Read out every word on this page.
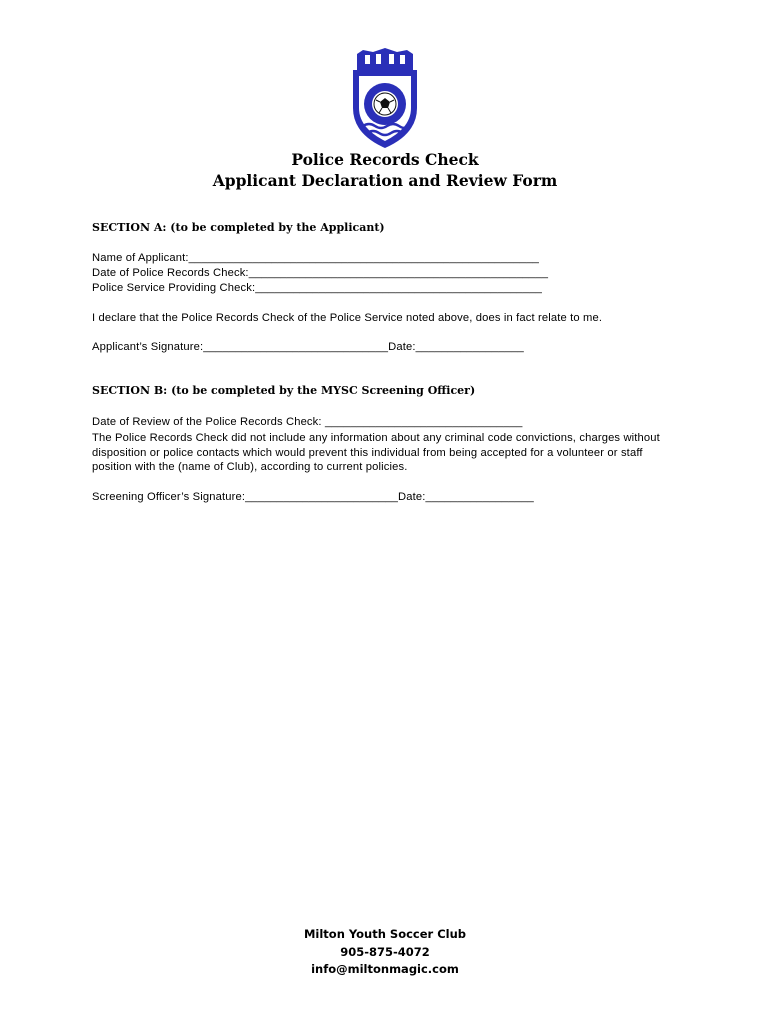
Police Records Check
Applicant Declaration and Review Form
SECTION A: (to be completed by the Applicant)
Name of Applicant:_______________________________________________________
Date of Police Records Check:_______________________________________________
Police Service Providing Check:_____________________________________________
I declare that the Police Records Check of the Police Service noted above, does in fact relate to me.
Applicant’s Signature:_____________________________Date:_________________
SECTION B: (to be completed by the MYSC Screening Officer)
Date of Review of the Police Records Check: _______________________________
The Police Records Check did not include any information about any criminal code convictions, charges without disposition or police contacts which would prevent this individual from being accepted for a volunteer or staff position with the (name of Club), according to current policies.
Screening Officer’s Signature:________________________Date:_________________
Milton Youth Soccer Club
905-875-4072
info@miltonmagic.com
